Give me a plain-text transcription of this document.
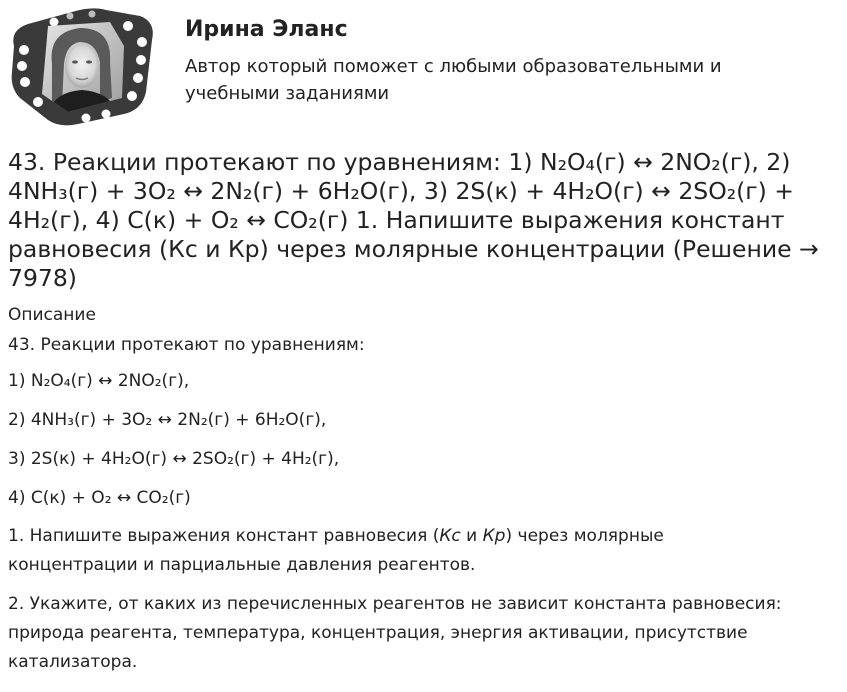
Ирина Эланс

Автор который поможет с любыми образовательными и учебными заданиями

43. Реакции протекают по уравнениям: 1) N₂O₄(г) ↔ 2NO₂(г), 2) 4NH₃(г) + 3O₂ ↔ 2N₂(г) + 6H₂O(г), 3) 2S(к) + 4H₂O(г) ↔ 2SO₂(г) + 4H₂(г), 4) C(к) + O₂ ↔ CO₂(г) 1. Напишите выражения констант равновесия (Кс и Кр) через молярные концентрации (Решение → 7978)
Описание

43. Реакции протекают по уравнениям:

1) N₂O₄(г) ↔ 2NO₂(г),

2) 4NH₃(г) + 3O₂ ↔ 2N₂(г) + 6H₂O(г),

3) 2S(к) + 4H₂O(г) ↔ 2SO₂(г) + 4H₂(г),

4) C(к) + O₂ ↔ CO₂(г)

1. Напишите выражения констант равновесия (Кс и Кр) через молярные
концентрации и парциальные давления реагентов.

2. Укажите, от каких из перечисленных реагентов не зависит константа равновесия: природа реагента, температура, концентрация, энергия активации, присутствие катализатора.
